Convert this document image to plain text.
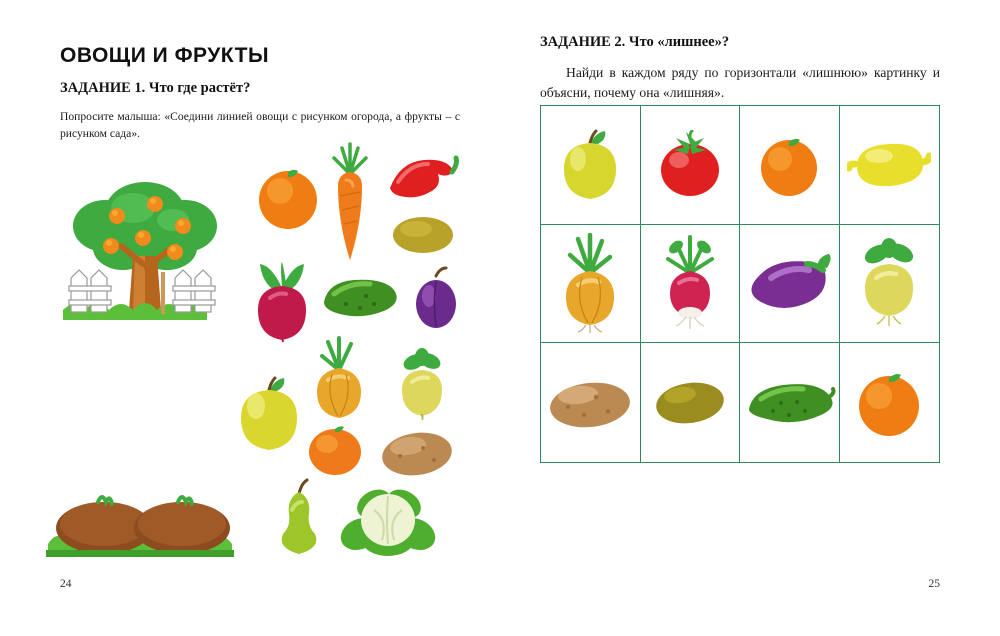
ОВОЩИ И ФРУКТЫ

ЗАДАНИЕ 1. Что где растёт?

Попросите малыша: «Соедини линией овощи с рисунком огорода, а фрукты – с рисунком сада».

24

ЗАДАНИЕ 2. Что «лишнее»?

Найди в каждом ряду по горизонтали «лишнюю» картинку и объясни, почему она «лишняя».

25
